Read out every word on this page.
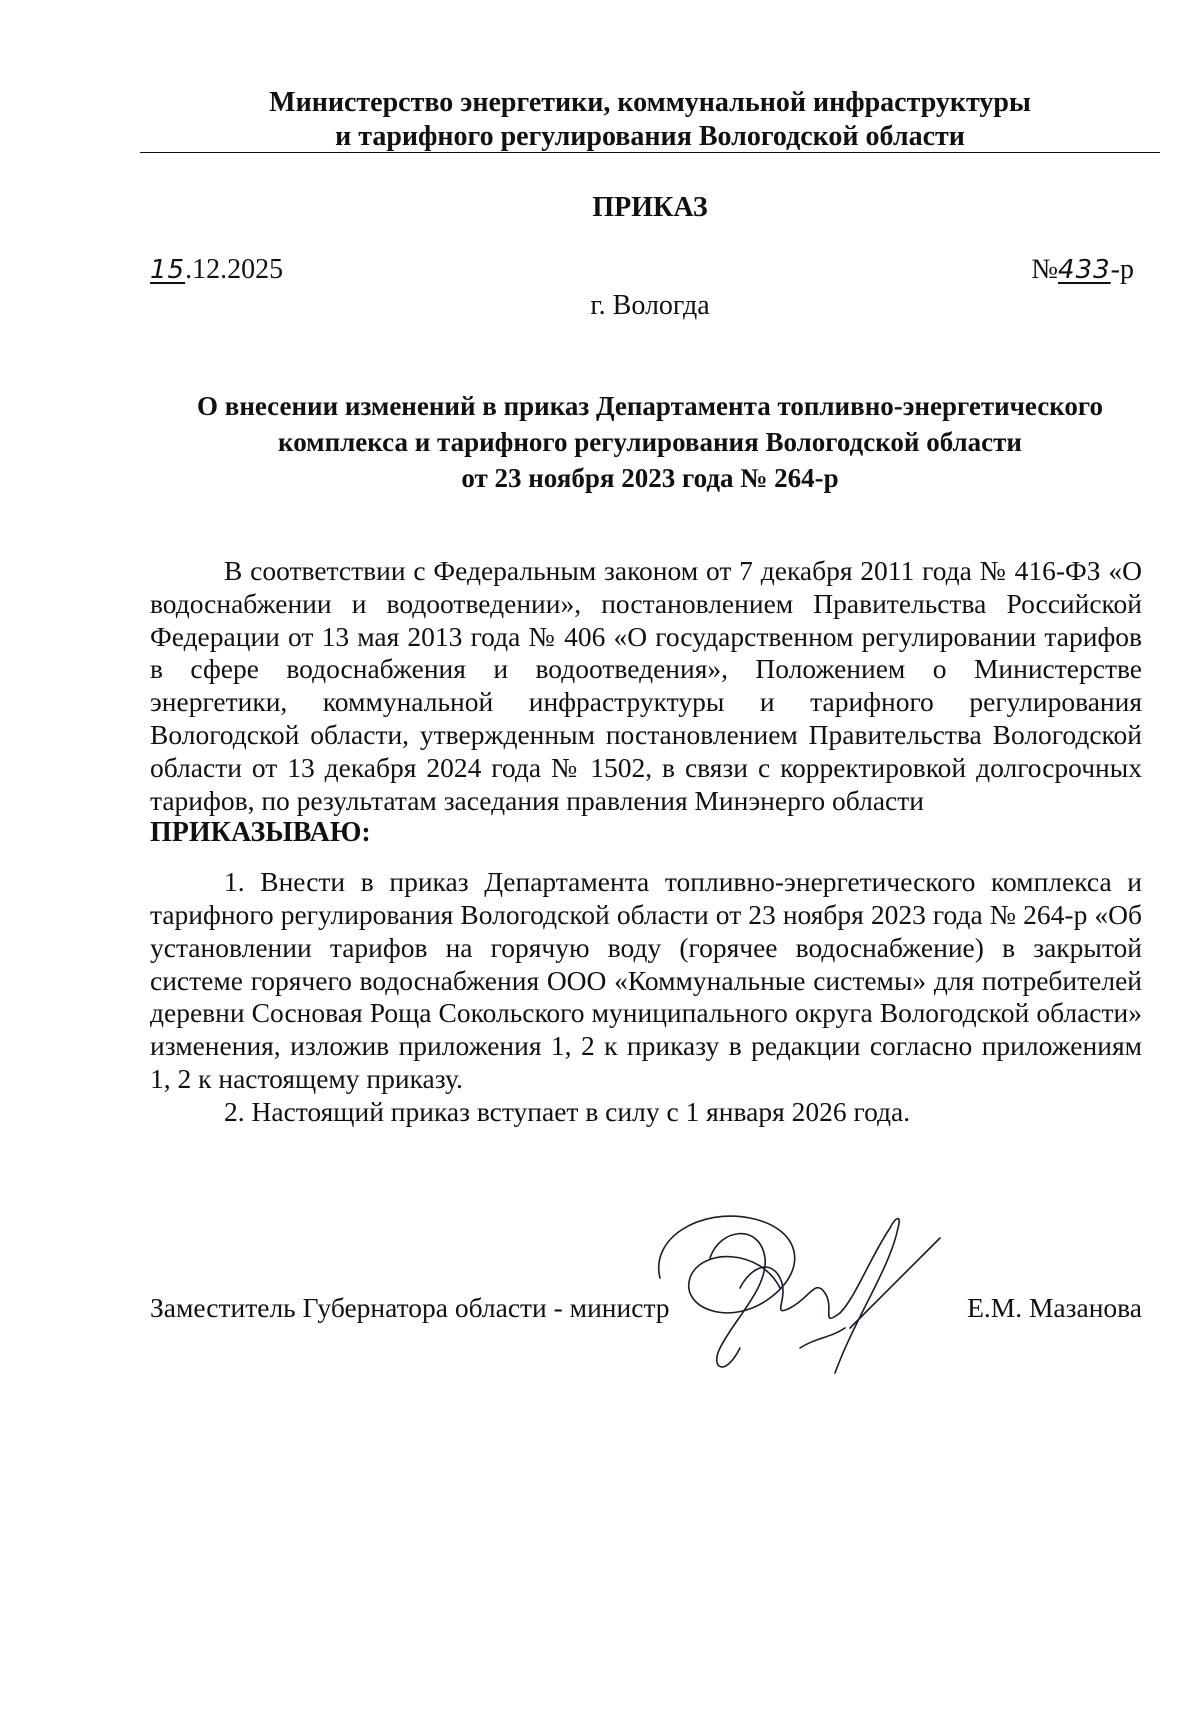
Министерство энергетики, коммунальной инфраструктуры
и тарифного регулирования Вологодской области
ПРИКАЗ
15.12.2025	№433-р
г. Вологда
О внесении изменений в приказ Департамента топливно-энергетического
комплекса и тарифного регулирования Вологодской области
от 23 ноября 2023 года № 264-р

В соответствии с Федеральным законом от 7 декабря 2011 года № 416-ФЗ «О водоснабжении и водоотведении», постановлением Правительства Российской Федерации от 13 мая 2013 года № 406 «О государственном регулировании тарифов в сфере водоснабжения и водоотведения», Положением о Министерстве энергетики, коммунальной инфраструктуры и тарифного регулирования Вологодской области, утвержденным постановлением Правительства Вологодской области от 13 декабря 2024 года № 1502, в связи с корректировкой долгосрочных тарифов, по результатам заседания правления Минэнерго области

ПРИКАЗЫВАЮ:

1. Внести в приказ Департамента топливно-энергетического комплекса и тарифного регулирования Вологодской области от 23 ноября 2023 года № 264-р «Об установлении тарифов на горячую воду (горячее водоснабжение) в закрытой системе горячего водоснабжения ООО «Коммунальные системы» для потребителей деревни Сосновая Роща Сокольского муниципального округа Вологодской области» изменения, изложив приложения 1, 2 к приказу в редакции согласно приложениям 1, 2 к настоящему приказу.

2. Настоящий приказ вступает в силу с 1 января 2026 года.

Заместитель Губернатора области - министр	Е.М. Мазанова
